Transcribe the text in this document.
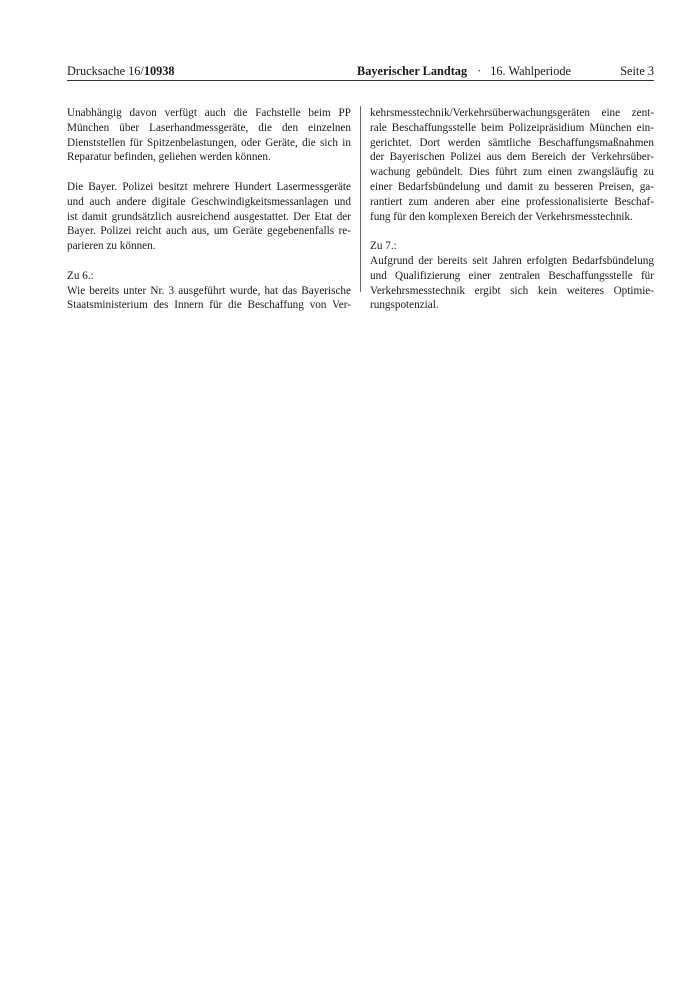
Drucksache 16/10938	Bayerischer Landtag · 16. Wahlperiode	Seite 3
Unabhängig davon verfügt auch die Fachstelle beim PP
München über Laserhandmessgeräte, die den einzelnen
Dienststellen für Spitzenbelastungen, oder Geräte, die sich in
Reparatur befinden, geliehen werden können.
Die Bayer. Polizei besitzt mehrere Hundert Lasermessgeräte
und auch andere digitale Geschwindigkeitsmessanlagen und
ist damit grundsätzlich ausreichend ausgestattet. Der Etat der
Bayer. Polizei reicht auch aus, um Geräte gegebenenfalls re-
parieren zu können.
Zu 6.:
Wie bereits unter Nr. 3 ausgeführt wurde, hat das Bayerische
Staatsministerium des Innern für die Beschaffung von Ver-
kehrsmesstechnik/Verkehrsüberwachungsgeräten eine zent-
rale Beschaffungsstelle beim Polizeipräsidium München ein-
gerichtet. Dort werden sämtliche Beschaffungsmaßnahmen
der Bayerischen Polizei aus dem Bereich der Verkehrsüber-
wachung gebündelt. Dies führt zum einen zwangsläufig zu
einer Bedarfsbündelung und damit zu besseren Preisen, ga-
rantiert zum anderen aber eine professionalisierte Beschaf-
fung für den komplexen Bereich der Verkehrsmesstechnik.
Zu 7.:
Aufgrund der bereits seit Jahren erfolgten Bedarfsbündelung
und Qualifizierung einer zentralen Beschaffungsstelle für
Verkehrsmesstechnik ergibt sich kein weiteres Optimie-
rungspotenzial.
